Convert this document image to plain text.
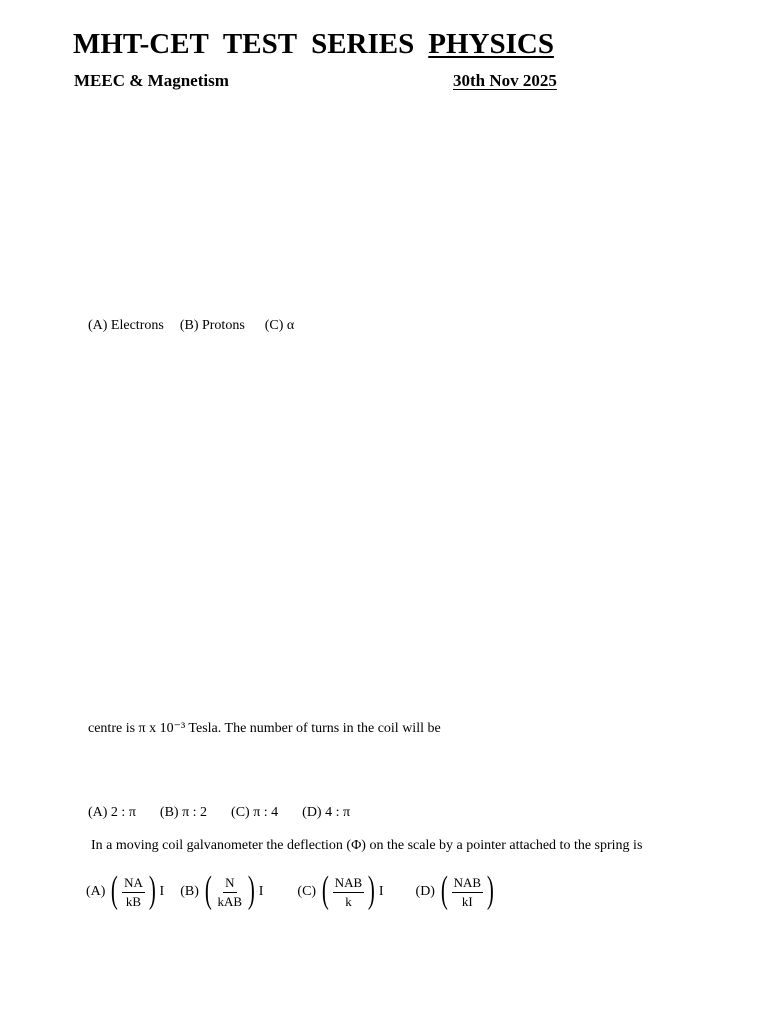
MHT-CET TEST SERIES PHYSICS
MEEC & Magnetism	30th Nov 2025
(A) Electrons (B) Protons (C) α
centre is π x 10⁻³ Tesla. The number of turns in the coil will be
(A) 2 : π (B) π : 2 (C) π : 4 (D) 4 : π
In a moving coil galvanometer the deflection (Φ) on the scale by a pointer attached to the spring is
(A) ( $\frac{NA}{kB}$ ) I (B) ( $\frac{N}{\text{kAB}}$ ) I (C) ( $\frac{\text{NAB}}{k}$ ) I (D) ( $\frac{\text{NAB}}{kI}$ )
